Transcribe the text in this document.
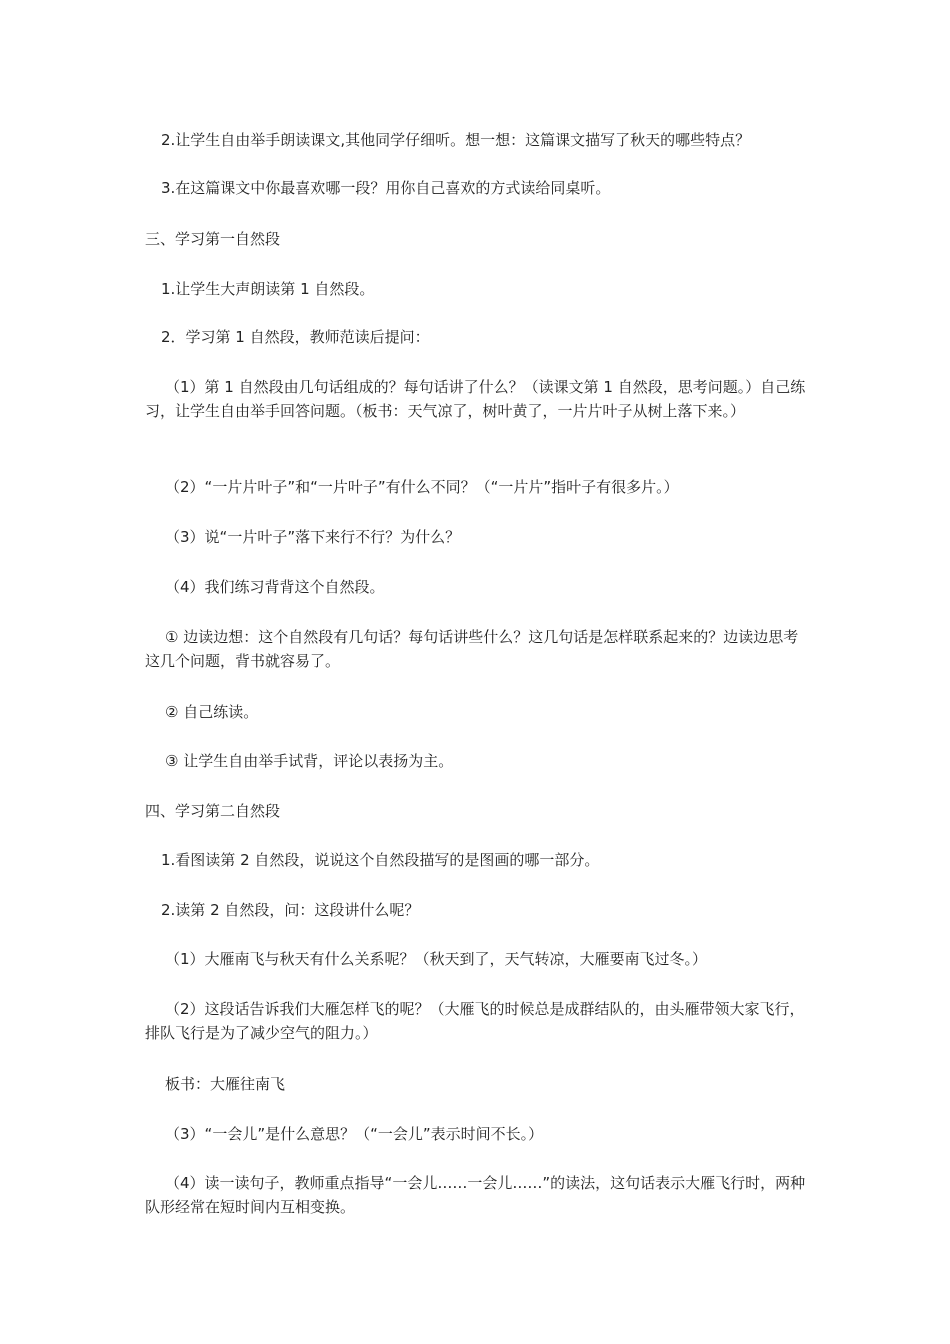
2.让学生自由举手朗读课文,其他同学仔细听。想一想：这篇课文描写了秋天的哪些特点？
3.在这篇课文中你最喜欢哪一段？用你自己喜欢的方式读给同桌听。
三、学习第一自然段
1.让学生大声朗读第 1 自然段。
2．学习第 1 自然段，教师范读后提问：
（1）第 1 自然段由几句话组成的？每句话讲了什么？（读课文第 1 自然段，思考问题。）自己练习，让学生自由举手回答问题。（板书：天气凉了，树叶黄了，一片片叶子从树上落下来。）
（2）“一片片叶子”和“一片叶子”有什么不同？（“一片片”指叶子有很多片。）
（3）说“一片叶子”落下来行不行？为什么？
（4）我们练习背背这个自然段。
① 边读边想：这个自然段有几句话？每句话讲些什么？这几句话是怎样联系起来的？边读边思考这几个问题，背书就容易了。
② 自己练读。
③ 让学生自由举手试背，评论以表扬为主。
四、学习第二自然段
1.看图读第 2 自然段，说说这个自然段描写的是图画的哪一部分。
2.读第 2 自然段，问：这段讲什么呢？
（1）大雁南飞与秋天有什么关系呢？（秋天到了，天气转凉，大雁要南飞过冬。）
（2）这段话告诉我们大雁怎样飞的呢？（大雁飞的时候总是成群结队的，由头雁带领大家飞行，排队飞行是为了减少空气的阻力。）
板书：大雁往南飞
（3）“一会儿”是什么意思？（“一会儿”表示时间不长。）
（4）读一读句子，教师重点指导“一会儿……一会儿……”的读法，这句话表示大雁飞行时，两种队形经常在短时间内互相变换。
